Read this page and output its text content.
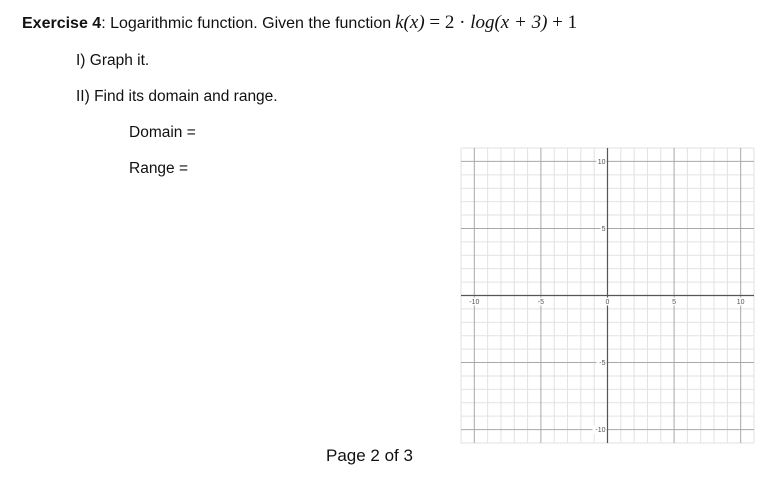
Exercise 4: Logarithmic function. Given the function k(x) = 2 · log(x + 3) + 1
I) Graph it.
II) Find its domain and range.
Domain =
Range =
-10	-5	0	5	10
-10
-5
5
10
Page 2 of 3
